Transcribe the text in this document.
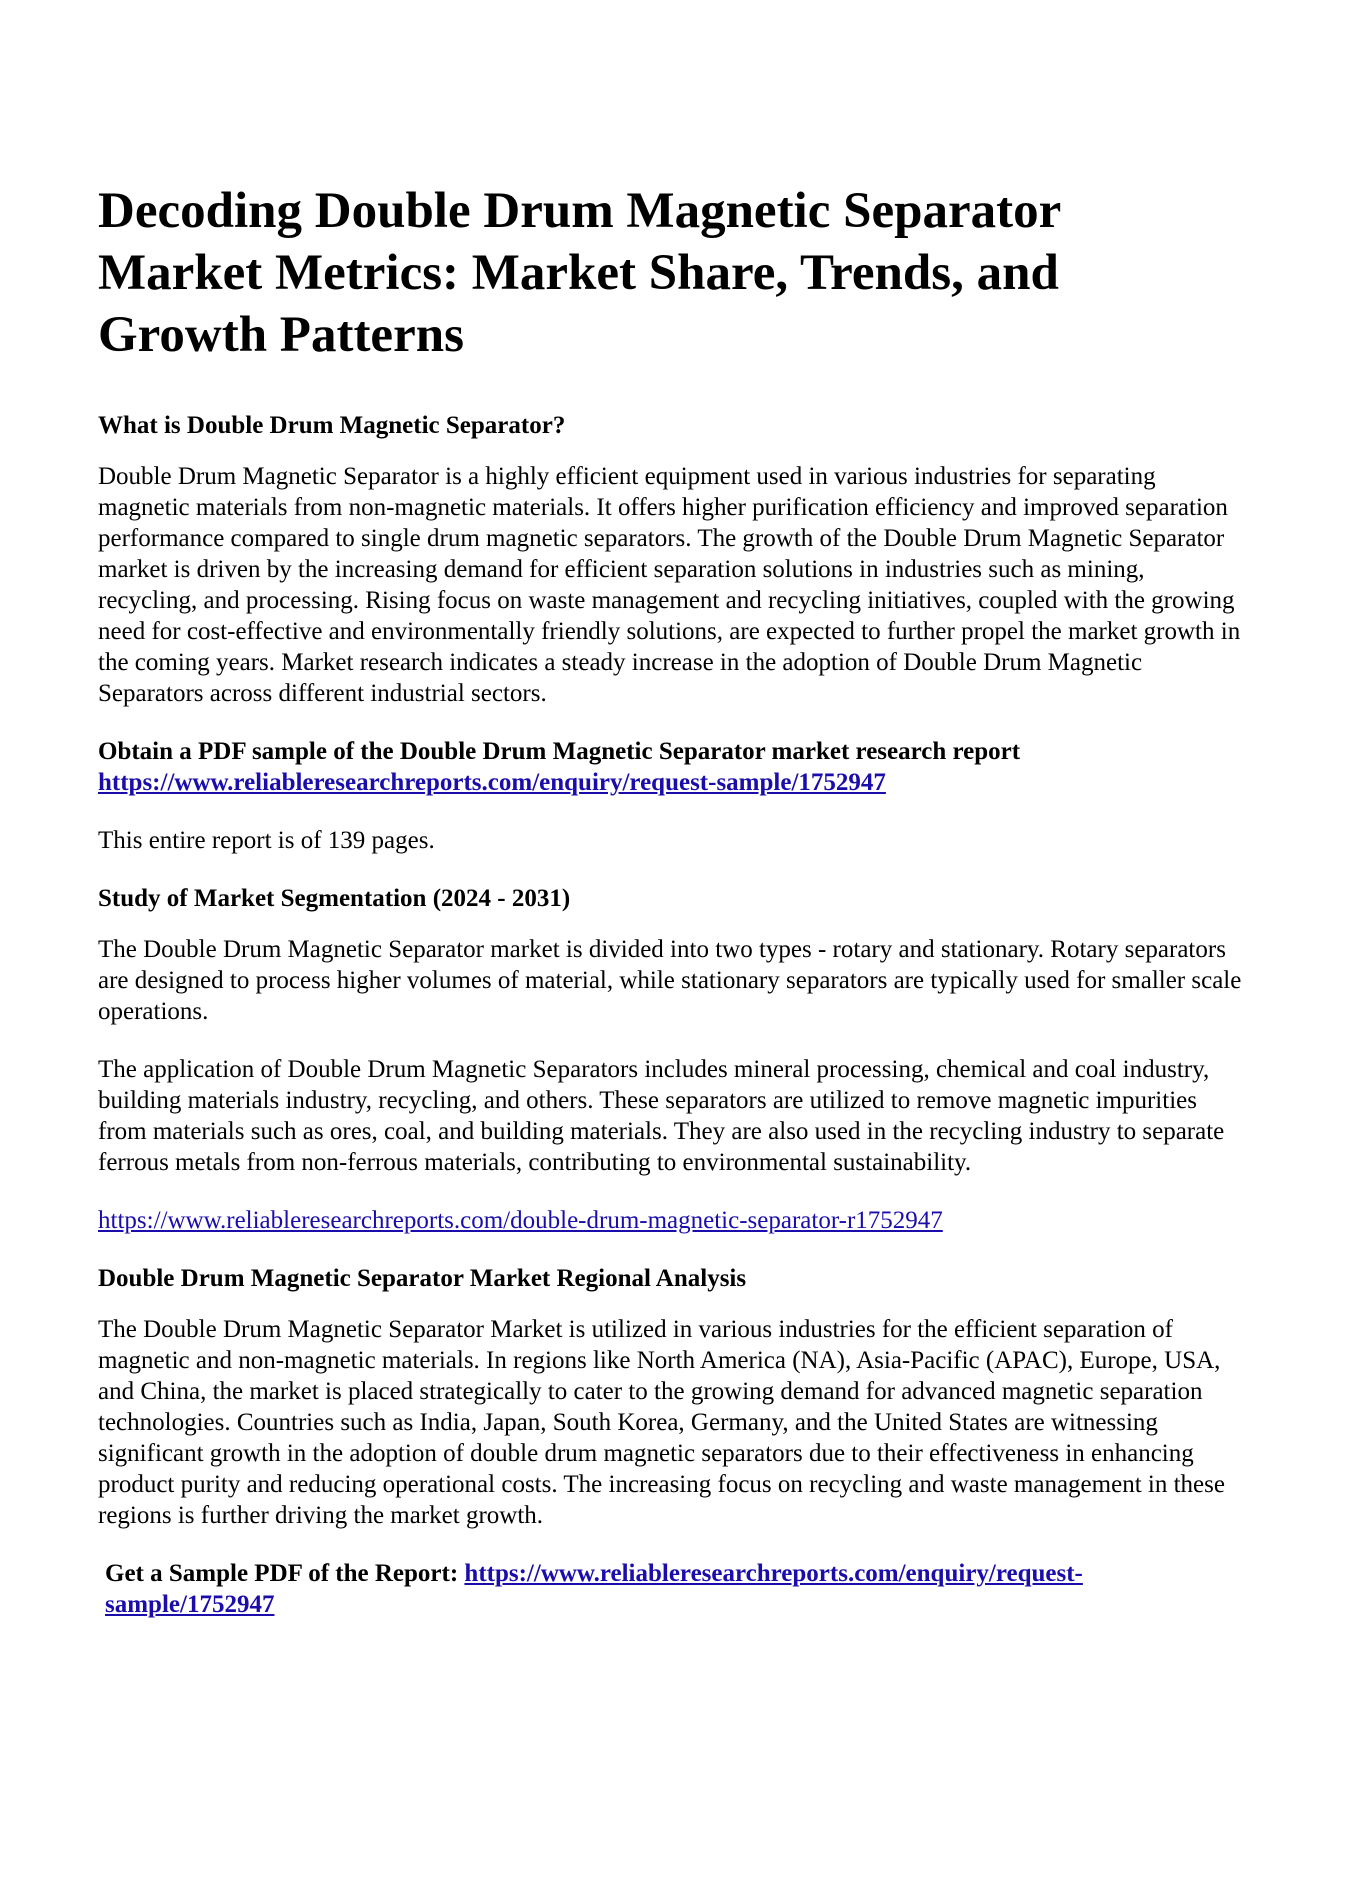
Decoding Double Drum Magnetic Separator Market Metrics: Market Share, Trends, and Growth Patterns
What is Double Drum Magnetic Separator?

Double Drum Magnetic Separator is a highly efficient equipment used in various industries for separating magnetic materials from non-magnetic materials. It offers higher purification efficiency and improved separation performance compared to single drum magnetic separators. The growth of the Double Drum Magnetic Separator market is driven by the increasing demand for efficient separation solutions in industries such as mining, recycling, and processing. Rising focus on waste management and recycling initiatives, coupled with the growing need for cost-effective and environmentally friendly solutions, are expected to further propel the market growth in the coming years. Market research indicates a steady increase in the adoption of Double Drum Magnetic Separators across different industrial sectors.

Obtain a PDF sample of the Double Drum Magnetic Separator market research report https://www.reliableresearchreports.com/enquiry/request-sample/1752947

This entire report is of 139 pages.

Study of Market Segmentation (2024 - 2031)

The Double Drum Magnetic Separator market is divided into two types - rotary and stationary. Rotary separators are designed to process higher volumes of material, while stationary separators are typically used for smaller scale operations.

The application of Double Drum Magnetic Separators includes mineral processing, chemical and coal industry, building materials industry, recycling, and others. These separators are utilized to remove magnetic impurities from materials such as ores, coal, and building materials. They are also used in the recycling industry to separate ferrous metals from non-ferrous materials, contributing to environmental sustainability.

https://www.reliableresearchreports.com/double-drum-magnetic-separator-r1752947

Double Drum Magnetic Separator Market Regional Analysis

The Double Drum Magnetic Separator Market is utilized in various industries for the efficient separation of magnetic and non-magnetic materials. In regions like North America (NA), Asia-Pacific (APAC), Europe, USA, and China, the market is placed strategically to cater to the growing demand for advanced magnetic separation technologies. Countries such as India, Japan, South Korea, Germany, and the United States are witnessing significant growth in the adoption of double drum magnetic separators due to their effectiveness in enhancing product purity and reducing operational costs. The increasing focus on recycling and waste management in these regions is further driving the market growth.

Get a Sample PDF of the Report: https://www.reliableresearchreports.com/enquiry/request-sample/1752947
